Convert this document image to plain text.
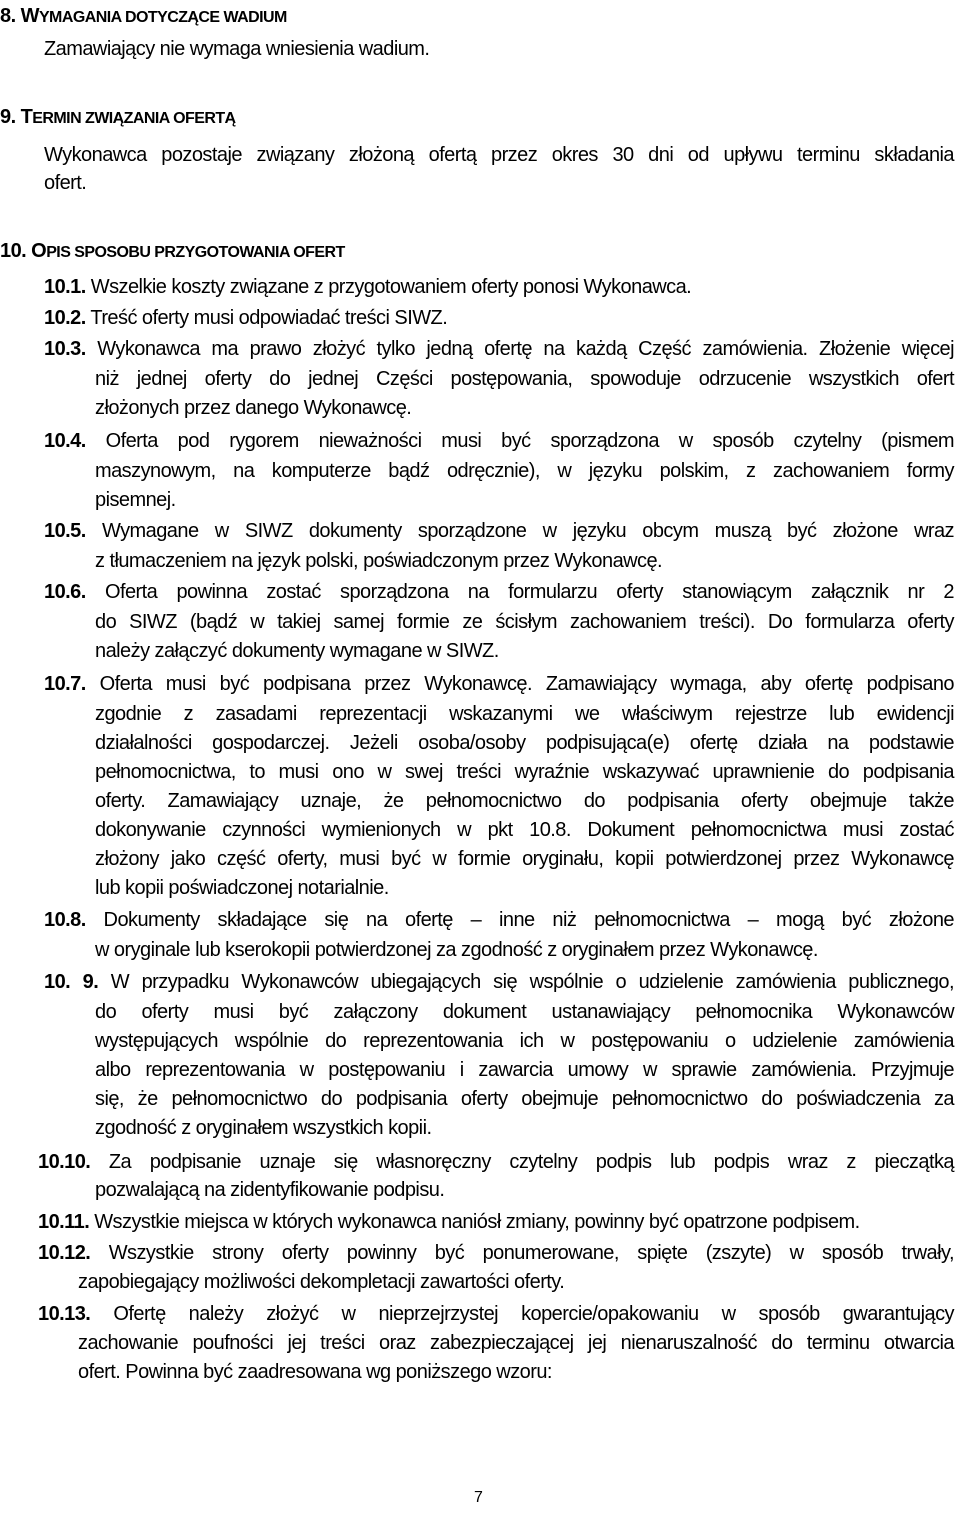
8. WYMAGANIA DOTYCZĄCE WADIUM
Zamawiający nie wymaga wniesienia wadium.
9. TERMIN ZWIĄZANIA OFERTĄ
Wykonawca pozostaje związany złożoną ofertą przez okres 30 dni od upływu terminu składania
ofert.
10. OPIS SPOSOBU PRZYGOTOWANIA OFERT
10.1. Wszelkie koszty związane z przygotowaniem oferty ponosi Wykonawca.
10.2. Treść oferty musi odpowiadać treści SIWZ.
10.3. Wykonawca ma prawo złożyć tylko jedną ofertę na każdą Część zamówienia. Złożenie więcej
niż jednej oferty do jednej Części postępowania, spowoduje odrzucenie wszystkich ofert
złożonych przez danego Wykonawcę.
10.4. Oferta pod rygorem nieważności musi być sporządzona w sposób czytelny (pismem
maszynowym, na komputerze bądź odręcznie), w języku polskim, z zachowaniem formy
pisemnej.
10.5. Wymagane w SIWZ dokumenty sporządzone w języku obcym muszą być złożone wraz
z tłumaczeniem na język polski, poświadczonym przez Wykonawcę.
10.6. Oferta powinna zostać sporządzona na formularzu oferty stanowiącym załącznik nr 2
do SIWZ (bądź w takiej samej formie ze ścisłym zachowaniem treści). Do formularza oferty
należy załączyć dokumenty wymagane w SIWZ.
10.7. Oferta musi być podpisana przez Wykonawcę. Zamawiający wymaga, aby ofertę podpisano
zgodnie z zasadami reprezentacji wskazanymi we właściwym rejestrze lub ewidencji
działalności gospodarczej. Jeżeli osoba/osoby podpisująca(e) ofertę działa na podstawie
pełnomocnictwa, to musi ono w swej treści wyraźnie wskazywać uprawnienie do podpisania
oferty. Zamawiający uznaje, że pełnomocnictwo do podpisania oferty obejmuje także
dokonywanie czynności wymienionych w pkt 10.8. Dokument pełnomocnictwa musi zostać
złożony jako część oferty, musi być w formie oryginału, kopii potwierdzonej przez Wykonawcę
lub kopii poświadczonej notarialnie.
10.8. Dokumenty składające się na ofertę – inne niż pełnomocnictwa – mogą być złożone
w oryginale lub kserokopii potwierdzonej za zgodność z oryginałem przez Wykonawcę.
10. 9. W przypadku Wykonawców ubiegających się wspólnie o udzielenie zamówienia publicznego,
do oferty musi być załączony dokument ustanawiający pełnomocnika Wykonawców
występujących wspólnie do reprezentowania ich w postępowaniu o udzielenie zamówienia
albo reprezentowania w postępowaniu i zawarcia umowy w sprawie zamówienia. Przyjmuje
się, że pełnomocnictwo do podpisania oferty obejmuje pełnomocnictwo do poświadczenia za
zgodność z oryginałem wszystkich kopii.
10.10. Za podpisanie uznaje się własnoręczny czytelny podpis lub podpis wraz z pieczątką
pozwalającą na zidentyfikowanie podpisu.
10.11. Wszystkie miejsca w których wykonawca naniósł zmiany, powinny być opatrzone podpisem.
10.12. Wszystkie strony oferty powinny być ponumerowane, spięte (zszyte) w sposób trwały,
zapobiegający możliwości dekompletacji zawartości oferty.
10.13. Ofertę należy złożyć w nieprzejrzystej kopercie/opakowaniu w sposób gwarantujący
zachowanie poufności jej treści oraz zabezpieczającej jej nienaruszalność do terminu otwarcia
ofert. Powinna być zaadresowana wg poniższego wzoru:
7
